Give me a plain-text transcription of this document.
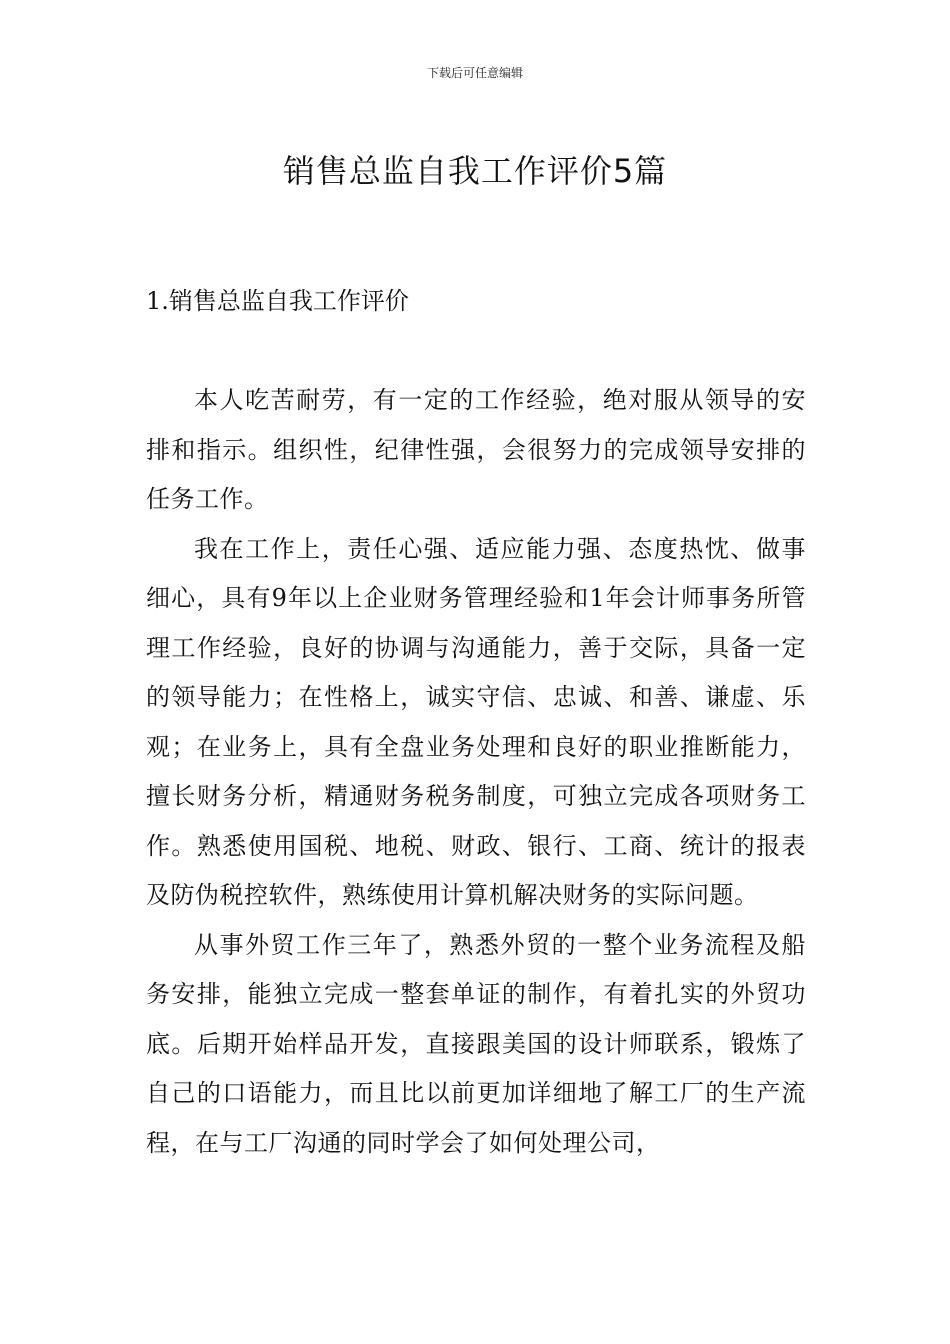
下载后可任意编辑
销售总监自我工作评价5篇
1.销售总监自我工作评价

本人吃苦耐劳，有一定的工作经验，绝对服从领导的安排和指示。组织性，纪律性强，会很努力的完成领导安排的任务工作。

我在工作上，责任心强、适应能力强、态度热忱、做事细心，具有9年以上企业财务管理经验和1年会计师事务所管理工作经验，良好的协调与沟通能力，善于交际，具备一定的领导能力；在性格上，诚实守信、忠诚、和善、谦虚、乐观；在业务上，具有全盘业务处理和良好的职业推断能力，擅长财务分析，精通财务税务制度，可独立完成各项财务工作。熟悉使用国税、地税、财政、银行、工商、统计的报表及防伪税控软件，熟练使用计算机解决财务的实际问题。

从事外贸工作三年了，熟悉外贸的一整个业务流程及船务安排，能独立完成一整套单证的制作，有着扎实的外贸功底。后期开始样品开发，直接跟美国的设计师联系，锻炼了自己的口语能力，而且比以前更加详细地了解工厂的生产流程，在与工厂沟通的同时学会了如何处理公司，
